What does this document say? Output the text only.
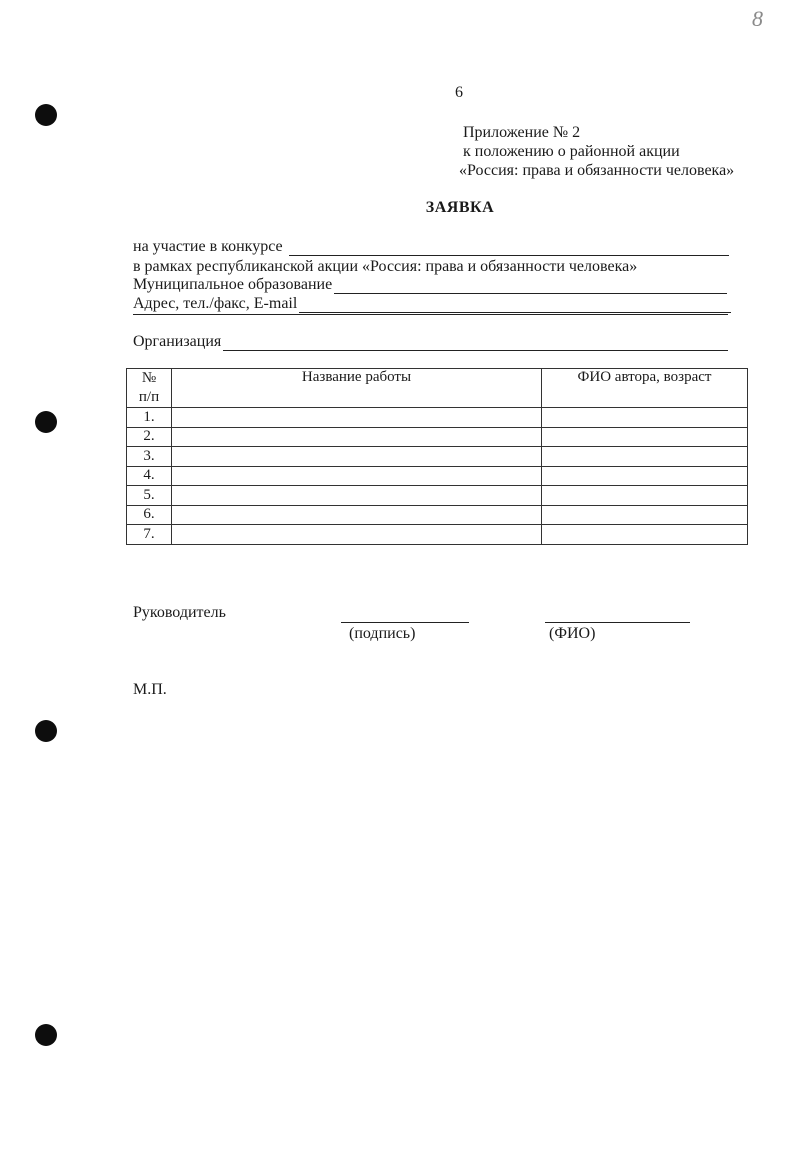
8
6
Приложение № 2
к положению о районной акции
«Россия: права и обязанности человека»
ЗАЯВКА
на участие в конкурсе
в рамках республиканской акции «Россия: права и обязанности человека»
Муниципальное образование
Адрес, тел./факс, E-mail
Организация
№
п/п	Название работы	ФИО автора, возраст
1.		
2.		
3.		
4.		
5.		
6.		
7.		
Руководитель
(подпись)	(ФИО)
М.П.
